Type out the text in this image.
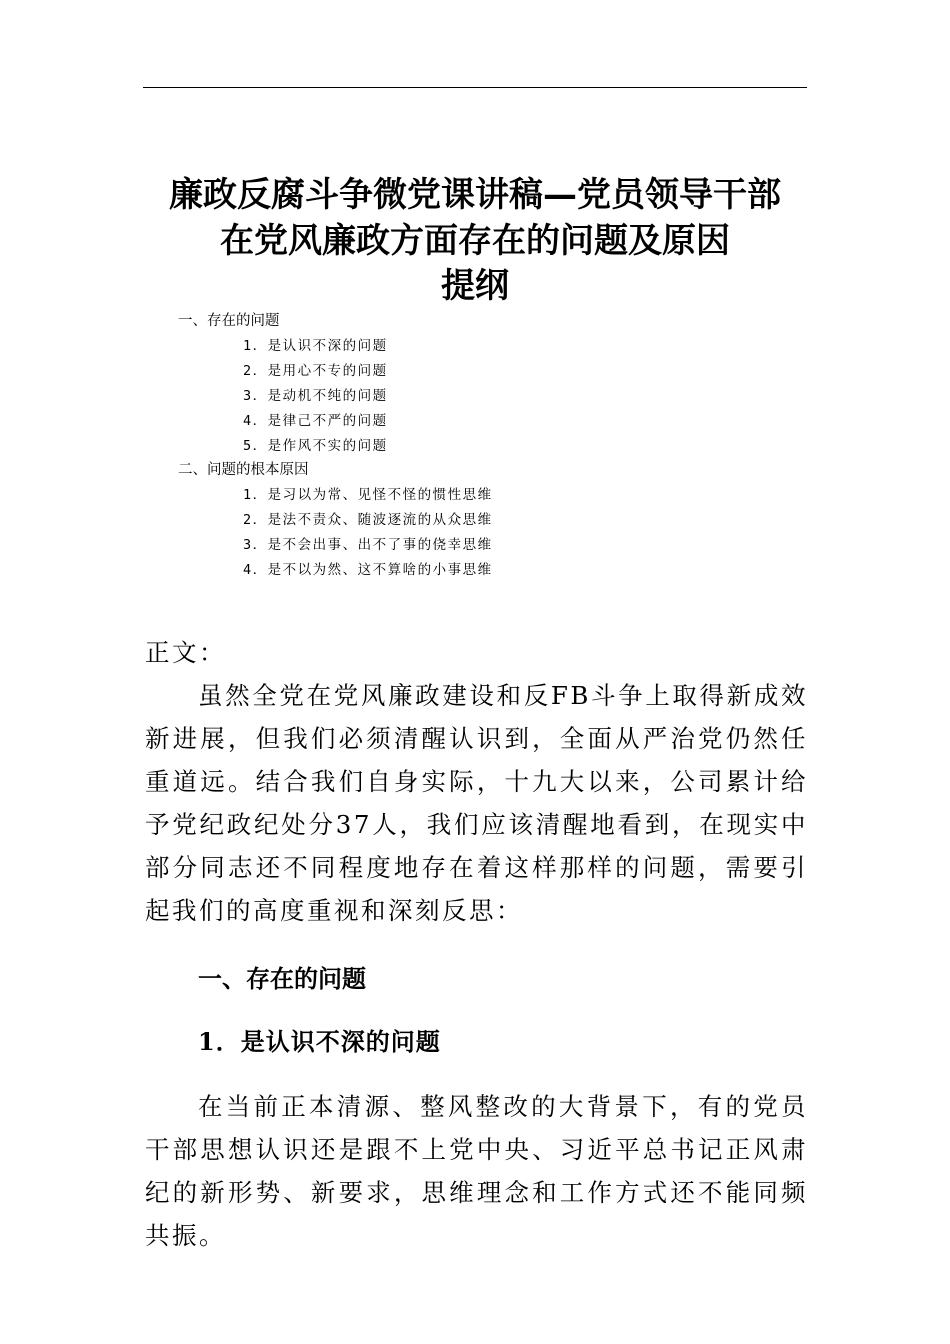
廉政反腐斗争微党课讲稿—党员领导干部
在党风廉政方面存在的问题及原因
提纲

一、存在的问题

1．是认识不深的问题

2．是用心不专的问题

3．是动机不纯的问题

4．是律己不严的问题

5．是作风不实的问题

二、问题的根本原因

1．是习以为常、见怪不怪的惯性思维

2．是法不责众、随波逐流的从众思维

3．是不会出事、出不了事的侥幸思维

4．是不以为然、这不算啥的小事思维

正文：

虽然全党在党风廉政建设和反FB斗争上取得新成效新进展，但我们必须清醒认识到，全面从严治党仍然任重道远。结合我们自身实际，十九大以来，公司累计给予党纪政纪处分37人，我们应该清醒地看到，在现实中部分同志还不同程度地存在着这样那样的问题，需要引起我们的高度重视和深刻反思：

一、存在的问题
1．是认识不深的问题

在当前正本清源、整风整改的大背景下，有的党员干部思想认识还是跟不上党中央、习近平总书记正风肃纪的新形势、新要求，思维理念和工作方式还不能同频共振。
